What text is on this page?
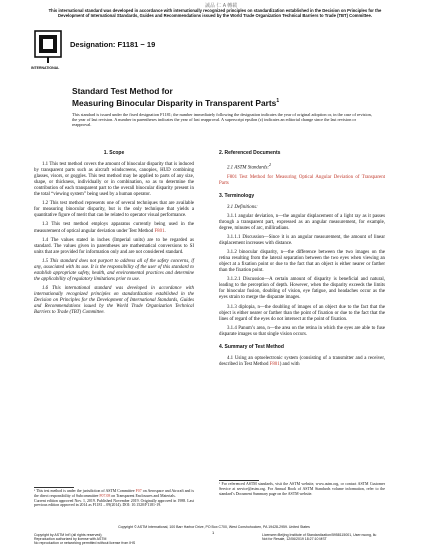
This international standard was developed in accordance with internationally recognized principles on standardization established in the Decision on Principles for the Development of International Standards, Guides and Recommendations issued by the World Trade Organization Technical Barriers to Trade (TBT) Committee.
誠品 仁 A 轉載
INTERNATIONAL
Designation: F1181 − 19
Standard Test Method for
Measuring Binocular Disparity in Transparent Parts$^1$
This standard is issued under the fixed designation F1181; the number immediately following the designation indicates the year of original adoption or, in the case of revision, the year of last revision. A number in parentheses indicates the year of last reapproval. A superscript epsilon (ε) indicates an editorial change since the last revision or reapproval.
1. Scope

1.1 This test method covers the amount of binocular disparity that is induced by transparent parts such as aircraft windscreens, canopies, HUD combining glasses, visors, or goggles. This test method may be applied to parts of any size, shape, or thickness, individually or in combination, so as to determine the contribution of each transparent part to the overall binocular disparity present in the total “viewing system” being used by a human operator.

1.2 This test method represents one of several techniques that are available for measuring binocular disparity, but is the only technique that yields a quantitative figure of merit that can be related to operator visual performance.

1.3 This test method employs apparatus currently being used in the measurement of optical angular deviation under Test Method F801.

1.4 The values stated in inches (Imperial units) are to be regarded as standard. The values given in parentheses are mathematical conversions to SI units that are provided for information only and are not considered standard.

1.5 This standard does not purport to address all of the safety concerns, if any, associated with its use. It is the responsibility of the user of this standard to establish appropriate safety, health, and environmental practices and determine the applicability of regulatory limitations prior to use.

1.6 This international standard was developed in accordance with internationally recognized principles on standardization established in the Decision on Principles for the Development of International Standards, Guides and Recommendations issued by the World Trade Organization Technical Barriers to Trade (TBT) Committee.

2. Referenced Documents

2.1 ASTM Standards:$^2$

F801 Test Method for Measuring Optical Angular Deviation of Transparent Parts

3. Terminology

3.1 Definitions:

3.1.1 angular deviation, n—the angular displacement of a light ray as it passes through a transparent part, expressed as an angular measurement, for example, degree, minutes of arc, milliradians.

3.1.1.1 Discussion—Since it is an angular measurement, the amount of linear displacement increases with distance.

3.1.2 binocular disparity, n—the difference between the two images on the retina resulting from the lateral separation between the two eyes when viewing an object at a fixation point or due to the fact that an object is either nearer or farther than the fixation point.

3.1.2.1 Discussion—A certain amount of disparity is beneficial and natural, leading to the perception of depth. However, when the disparity exceeds the limits for binocular fusion, doubling of vision, eye fatigue, and headaches occur as the eyes strain to merge the disparate images.

3.1.3 diplopia, n—the doubling of images of an object due to the fact that the object is either nearer or farther than the point of fixation or due to the fact that the lines of regard of the eyes do not intersect at the point of fixation.

3.1.4 Panum’s area, n—the area on the retina in which the eyes are able to fuse disparate images so that single vision occurs.

4. Summary of Test Method

4.1 Using an optoelectronic system (consisting of a transmitter and a receiver, described in Test Method F801) and with

¹ This test method is under the jurisdiction of ASTM Committee F07 on Aerospace and Aircraft and is the direct responsibility of Subcommittee F07.08 on Transparent Enclosures and Materials.
Current edition approved Nov. 1, 2019. Published November 2019. Originally approved in 1988. Last previous edition approved in 2014 as F1181 – 09(2014). DOI: 10.1520/F1181-19.
² For referenced ASTM standards, visit the ASTM website, www.astm.org, or contact ASTM Customer Service at service@astm.org. For Annual Book of ASTM Standards volume information, refer to the standard’s Document Summary page on the ASTM website.
Copyright © ASTM International, 100 Barr Harbor Drive, PO Box C700, West Conshohocken, PA 19428-2959. United States
1
Copyright by ASTM Int'l (all rights reserved);
Reproduction authorized by license with ASTM
No reproduction or networking permitted without license from IHS
Licensee=Beijing Institute of Standardization/5958115001, User=wong, liu
Not for Resale, 12/06/2019 18:27:10 MST
